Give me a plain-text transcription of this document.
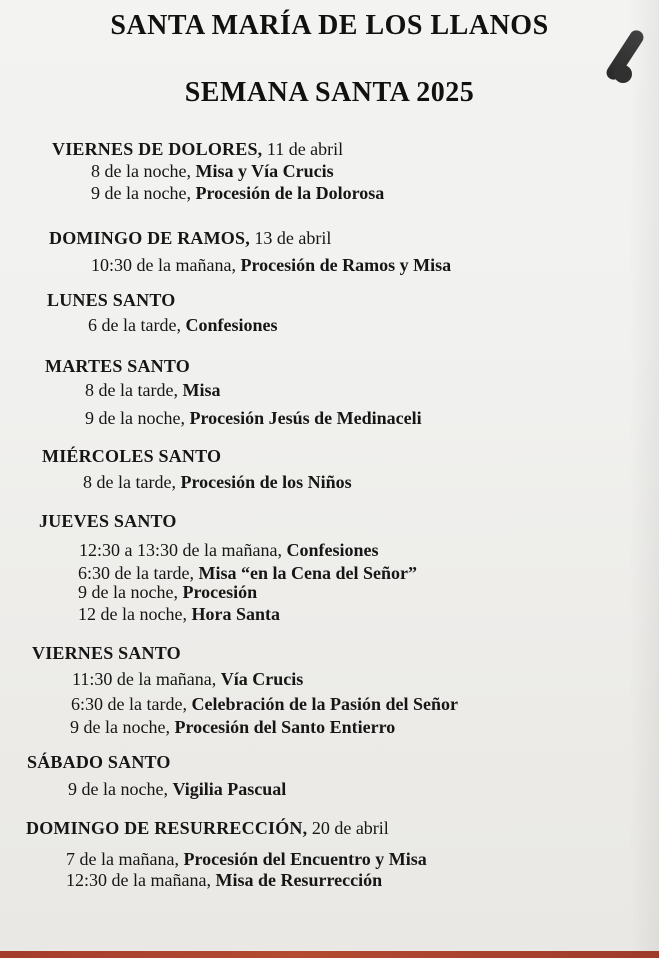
SANTA MARÍA DE LOS LLANOS
SEMANA SANTA 2025
VIERNES DE DOLORES, 11 de abril
8 de la noche, Misa y Vía Crucis
9 de la noche, Procesión de la Dolorosa
DOMINGO DE RAMOS, 13 de abril
10:30 de la mañana, Procesión de Ramos y Misa
LUNES SANTO
6 de la tarde, Confesiones
MARTES SANTO
8 de la tarde, Misa
9 de la noche, Procesión Jesús de Medinaceli
MIÉRCOLES SANTO
8 de la tarde, Procesión de los Niños
JUEVES SANTO
12:30 a 13:30 de la mañana, Confesiones
6:30 de la tarde, Misa “en la Cena del Señor”
9 de la noche, Procesión
12 de la noche, Hora Santa
VIERNES SANTO
11:30 de la mañana, Vía Crucis
6:30 de la tarde, Celebración de la Pasión del Señor
9 de la noche, Procesión del Santo Entierro
SÁBADO SANTO
9 de la noche, Vigilia Pascual
DOMINGO DE RESURRECCIÓN, 20 de abril
7 de la mañana, Procesión del Encuentro y Misa
12:30 de la mañana, Misa de Resurrección
